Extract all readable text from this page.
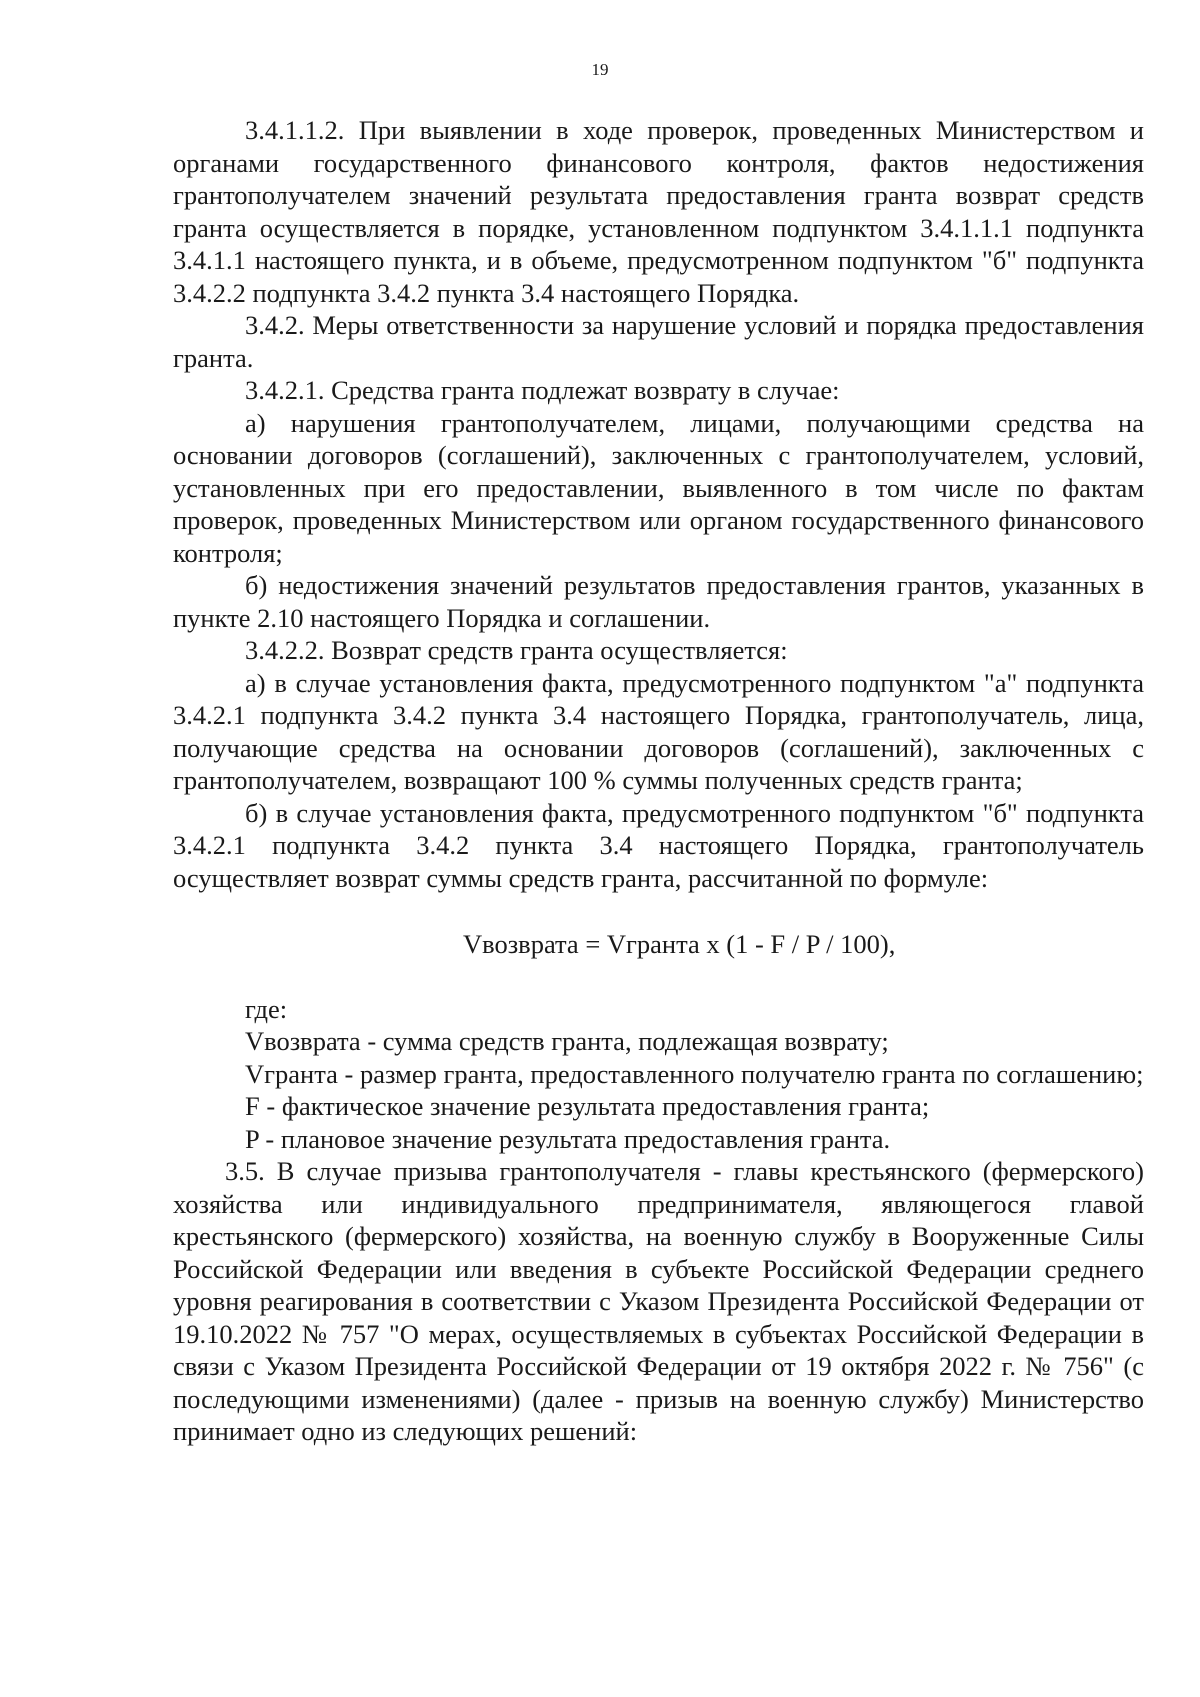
19

3.4.1.1.2. При выявлении в ходе проверок, проведенных Министерством и органами государственного финансового контроля, фактов недостижения грантополучателем значений результата предоставления гранта возврат средств гранта осуществляется в порядке, установленном подпунктом 3.4.1.1.1 подпункта 3.4.1.1 настоящего пункта, и в объеме, предусмотренном подпунктом "б" подпункта 3.4.2.2 подпункта 3.4.2 пункта 3.4 настоящего Порядка.

3.4.2. Меры ответственности за нарушение условий и порядка предоставления гранта.

3.4.2.1. Средства гранта подлежат возврату в случае:

а) нарушения грантополучателем, лицами, получающими средства на основании договоров (соглашений), заключенных с грантополучателем, условий, установленных при его предоставлении, выявленного в том числе по фактам проверок, проведенных Министерством или органом государственного финансового контроля;

б) недостижения значений результатов предоставления грантов, указанных в пункте 2.10 настоящего Порядка и соглашении.

3.4.2.2. Возврат средств гранта осуществляется:

а) в случае установления факта, предусмотренного подпунктом "а" подпункта 3.4.2.1 подпункта 3.4.2 пункта 3.4 настоящего Порядка, грантополучатель, лица, получающие средства на основании договоров (соглашений), заключенных с грантополучателем, возвращают 100 % суммы полученных средств гранта;

б) в случае установления факта, предусмотренного подпунктом "б" подпункта 3.4.2.1 подпункта 3.4.2 пункта 3.4 настоящего Порядка, грантополучатель осуществляет возврат суммы средств гранта, рассчитанной по формуле:

Vвозврата = Vгранта x (1 - F / P / 100),

где:

Vвозврата - сумма средств гранта, подлежащая возврату;

Vгранта - размер гранта, предоставленного получателю гранта по соглашению;

F - фактическое значение результата предоставления гранта;

P - плановое значение результата предоставления гранта.

3.5. В случае призыва грантополучателя - главы крестьянского (фермерского) хозяйства или индивидуального предпринимателя, являющегося главой крестьянского (фермерского) хозяйства, на военную службу в Вооруженные Силы Российской Федерации или введения в субъекте Российской Федерации среднего уровня реагирования в соответствии с Указом Президента Российской Федерации от 19.10.2022 № 757 "О мерах, осуществляемых в субъектах Российской Федерации в связи с Указом Президента Российской Федерации от 19 октября 2022 г. № 756" (с последующими изменениями) (далее - призыв на военную службу) Министерство принимает одно из следующих решений:
